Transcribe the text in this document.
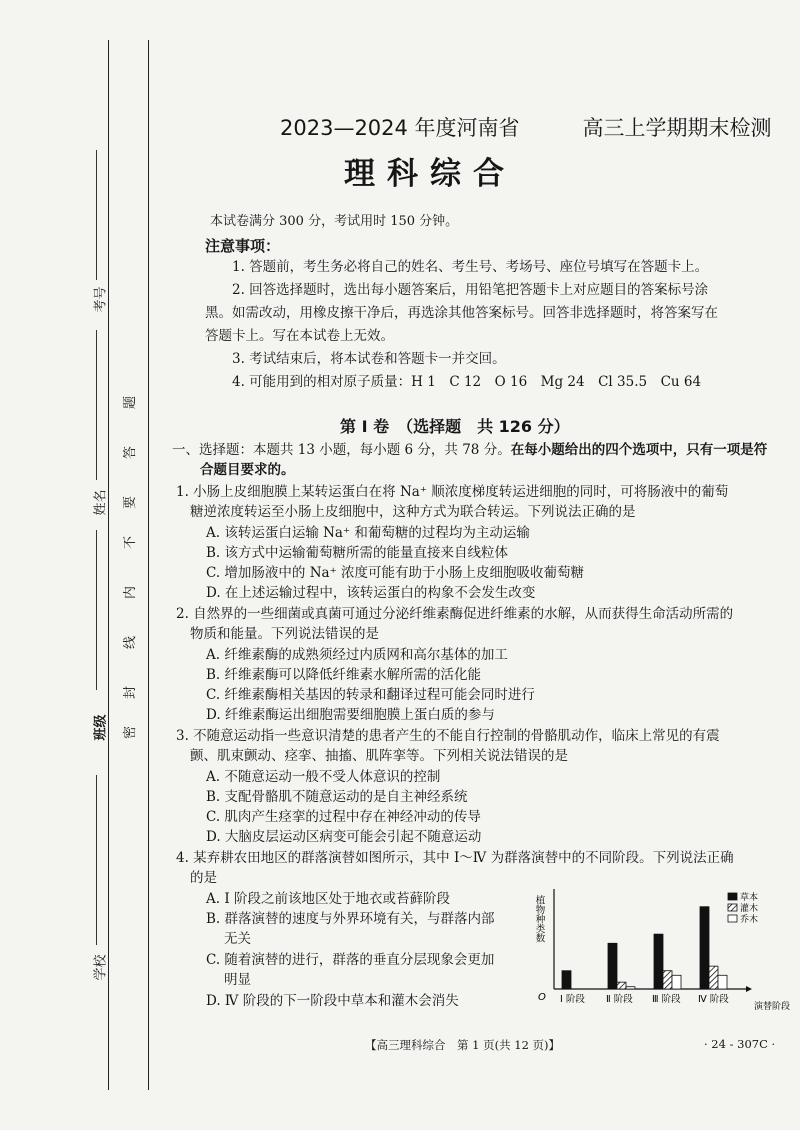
考号
姓名
班级
学校
题
答
要
不
内
线
封
密
2023—2024 年度河南省　　　高三上学期期末检测
理科综合
本试卷满分 300 分，考试用时 150 分钟。
注意事项：
1. 答题前，考生务必将自己的姓名、考生号、考场号、座位号填写在答题卡上。
2. 回答选择题时，选出每小题答案后，用铅笔把答题卡上对应题目的答案标号涂
黑。如需改动，用橡皮擦干净后，再选涂其他答案标号。回答非选择题时，将答案写在
答题卡上。写在本试卷上无效。
3. 考试结束后，将本试卷和答题卡一并交回。
4. 可能用到的相对原子质量：H 1　C 12　O 16　Mg 24　Cl 35.5　Cu 64
第 Ⅰ 卷　（选择题　共 126 分）
一、选择题：本题共 13 小题，每小题 6 分，共 78 分。在每小题给出的四个选项中，只有一项是符
合题目要求的。
1. 小肠上皮细胞膜上某转运蛋白在将 Na⁺ 顺浓度梯度转运进细胞的同时，可将肠液中的葡萄
糖逆浓度转运至小肠上皮细胞中，这种方式为联合转运。下列说法正确的是
A. 该转运蛋白运输 Na⁺ 和葡萄糖的过程均为主动运输
B. 该方式中运输葡萄糖所需的能量直接来自线粒体
C. 增加肠液中的 Na⁺ 浓度可能有助于小肠上皮细胞吸收葡萄糖
D. 在上述运输过程中，该转运蛋白的构象不会发生改变
2. 自然界的一些细菌或真菌可通过分泌纤维素酶促进纤维素的水解，从而获得生命活动所需的
物质和能量。下列说法错误的是
A. 纤维素酶的成熟须经过内质网和高尔基体的加工
B. 纤维素酶可以降低纤维素水解所需的活化能
C. 纤维素酶相关基因的转录和翻译过程可能会同时进行
D. 纤维素酶运出细胞需要细胞膜上蛋白质的参与
3. 不随意运动指一些意识清楚的患者产生的不能自行控制的骨骼肌动作，临床上常见的有震
颤、肌束颤动、痉挛、抽搐、肌阵挛等。下列相关说法错误的是
A. 不随意运动一般不受人体意识的控制
B. 支配骨骼肌不随意运动的是自主神经系统
C. 肌肉产生痉挛的过程中存在神经冲动的传导
D. 大脑皮层运动区病变可能会引起不随意运动
4. 某弃耕农田地区的群落演替如图所示，其中 Ⅰ～Ⅳ 为群落演替中的不同阶段。下列说法正确
的是
A. Ⅰ 阶段之前该地区处于地衣或苔藓阶段
B. 群落演替的速度与外界环境有关，与群落内部
无关
C. 随着演替的进行，群落的垂直分层现象会更加
明显
D. Ⅳ 阶段的下一阶段中草本和灌木会消失
植物种类数
O Ⅰ 阶段 Ⅱ 阶段 Ⅲ 阶段 Ⅳ 阶段
演替阶段
草本
灌木
乔木
【高三理科综合　第 1 页(共 12 页)】	· 24 - 307C ·
